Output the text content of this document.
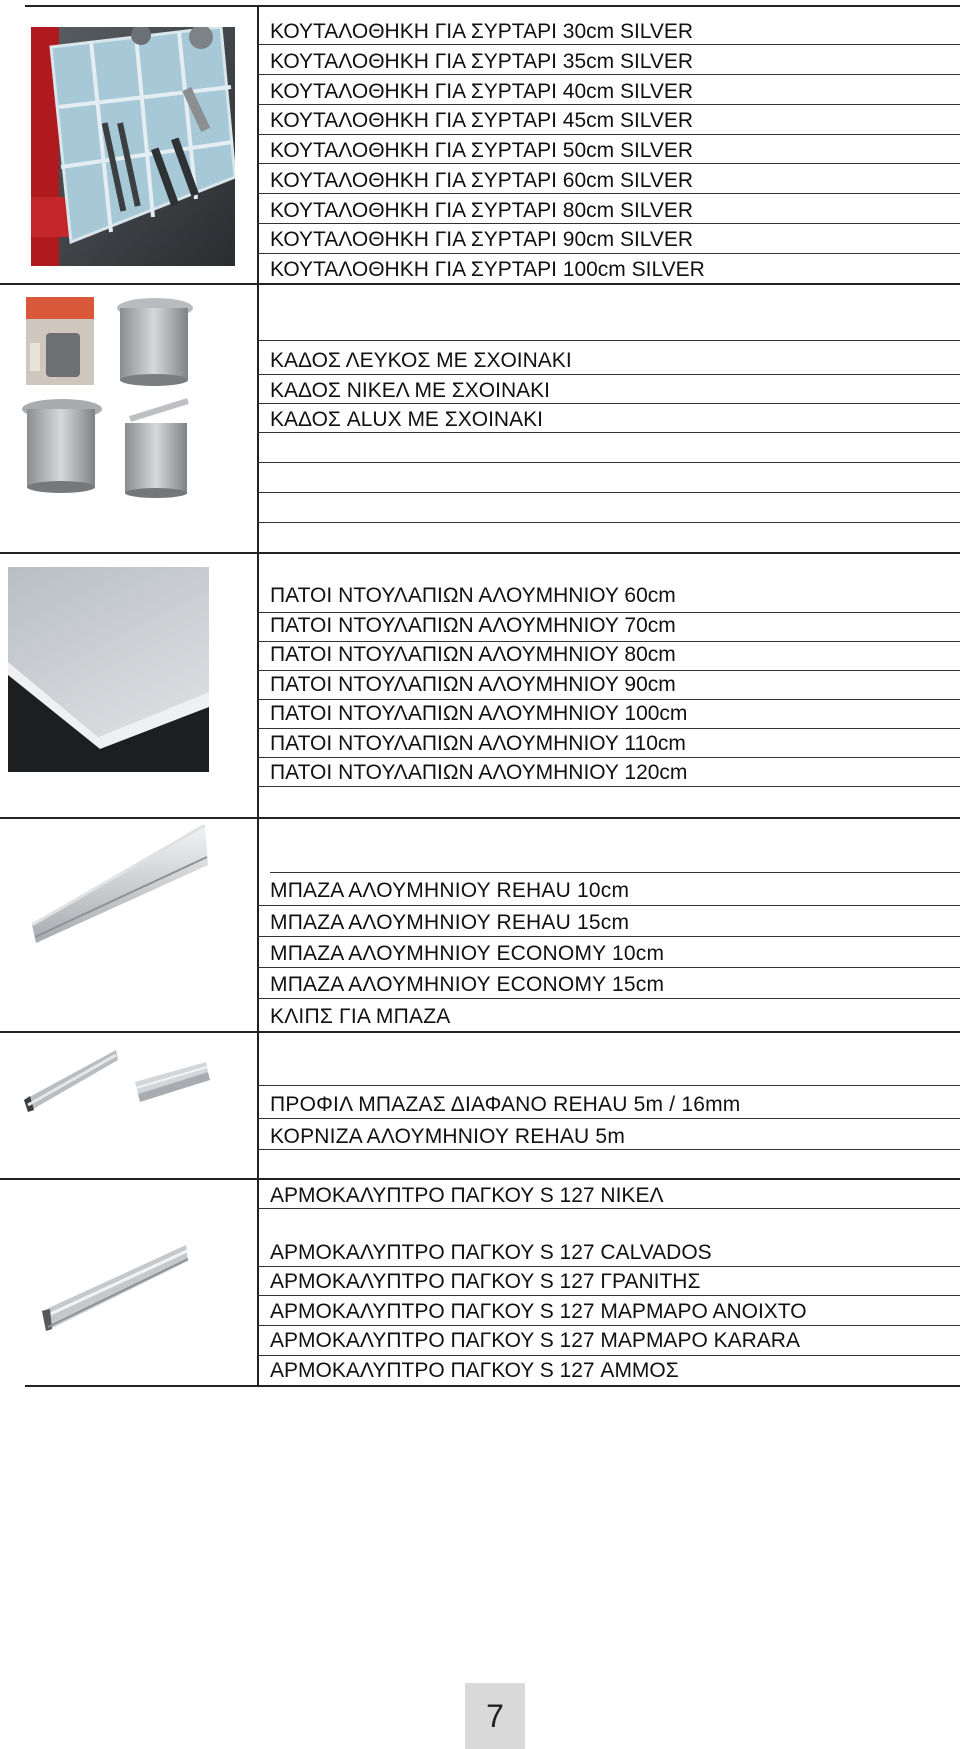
ΚΟΥΤΑΛΟΘΗΚΗ ΓΙΑ ΣΥΡΤΑΡΙ 30cm SILVER
ΚΟΥΤΑΛΟΘΗΚΗ ΓΙΑ ΣΥΡΤΑΡΙ 35cm SILVER
ΚΟΥΤΑΛΟΘΗΚΗ ΓΙΑ ΣΥΡΤΑΡΙ 40cm SILVER
ΚΟΥΤΑΛΟΘΗΚΗ ΓΙΑ ΣΥΡΤΑΡΙ 45cm SILVER
ΚΟΥΤΑΛΟΘΗΚΗ ΓΙΑ ΣΥΡΤΑΡΙ 50cm SILVER
ΚΟΥΤΑΛΟΘΗΚΗ ΓΙΑ ΣΥΡΤΑΡΙ 60cm SILVER
ΚΟΥΤΑΛΟΘΗΚΗ ΓΙΑ ΣΥΡΤΑΡΙ 80cm SILVER
ΚΟΥΤΑΛΟΘΗΚΗ ΓΙΑ ΣΥΡΤΑΡΙ 90cm SILVER
ΚΟΥΤΑΛΟΘΗΚΗ ΓΙΑ ΣΥΡΤΑΡΙ 100cm SILVER
ΚΑΔΟΣ ΛΕΥΚΟΣ ΜΕ ΣΧΟΙΝΑΚΙ
ΚΑΔΟΣ ΝΙΚΕΛ ΜΕ ΣΧΟΙΝΑΚΙ
ΚΑΔΟΣ ALUX ΜΕ ΣΧΟΙΝΑΚΙ
ΠΑΤΟΙ ΝΤΟΥΛΑΠΙΩΝ ΑΛΟΥΜΗΝΙΟΥ 60cm
ΠΑΤΟΙ ΝΤΟΥΛΑΠΙΩΝ ΑΛΟΥΜΗΝΙΟΥ 70cm
ΠΑΤΟΙ ΝΤΟΥΛΑΠΙΩΝ ΑΛΟΥΜΗΝΙΟΥ 80cm
ΠΑΤΟΙ ΝΤΟΥΛΑΠΙΩΝ ΑΛΟΥΜΗΝΙΟΥ 90cm
ΠΑΤΟΙ ΝΤΟΥΛΑΠΙΩΝ ΑΛΟΥΜΗΝΙΟΥ 100cm
ΠΑΤΟΙ ΝΤΟΥΛΑΠΙΩΝ ΑΛΟΥΜΗΝΙΟΥ 110cm
ΠΑΤΟΙ ΝΤΟΥΛΑΠΙΩΝ ΑΛΟΥΜΗΝΙΟΥ 120cm
ΜΠΑΖΑ ΑΛΟΥΜΗΝΙΟΥ REHAU 10cm
ΜΠΑΖΑ ΑΛΟΥΜΗΝΙΟΥ REHAU 15cm
ΜΠΑΖΑ ΑΛΟΥΜΗΝΙΟΥ ECONOMY 10cm
ΜΠΑΖΑ ΑΛΟΥΜΗΝΙΟΥ ECONOMY 15cm
ΚΛΙΠΣ ΓΙΑ ΜΠΑΖΑ
ΠΡΟΦΙΛ ΜΠΑΖΑΣ ΔΙΑΦΑΝΟ REHAU 5m / 16mm
ΚΟΡΝΙΖΑ ΑΛΟΥΜΗΝΙΟΥ REHAU 5m
ΑΡΜΟΚΑΛΥΠΤΡΟ ΠΑΓΚΟΥ S 127 ΝΙΚΕΛ
ΑΡΜΟΚΑΛΥΠΤΡΟ ΠΑΓΚΟΥ S 127 CALVADOS
ΑΡΜΟΚΑΛΥΠΤΡΟ ΠΑΓΚΟΥ S 127 ΓΡΑΝΙΤΗΣ
ΑΡΜΟΚΑΛΥΠΤΡΟ ΠΑΓΚΟΥ S 127 ΜΑΡΜΑΡΟ ΑΝΟΙΧΤΟ
ΑΡΜΟΚΑΛΥΠΤΡΟ ΠΑΓΚΟΥ S 127 ΜΑΡΜΑΡΟ KARARA
ΑΡΜΟΚΑΛΥΠΤΡΟ ΠΑΓΚΟΥ S 127 ΑΜΜΟΣ
7
